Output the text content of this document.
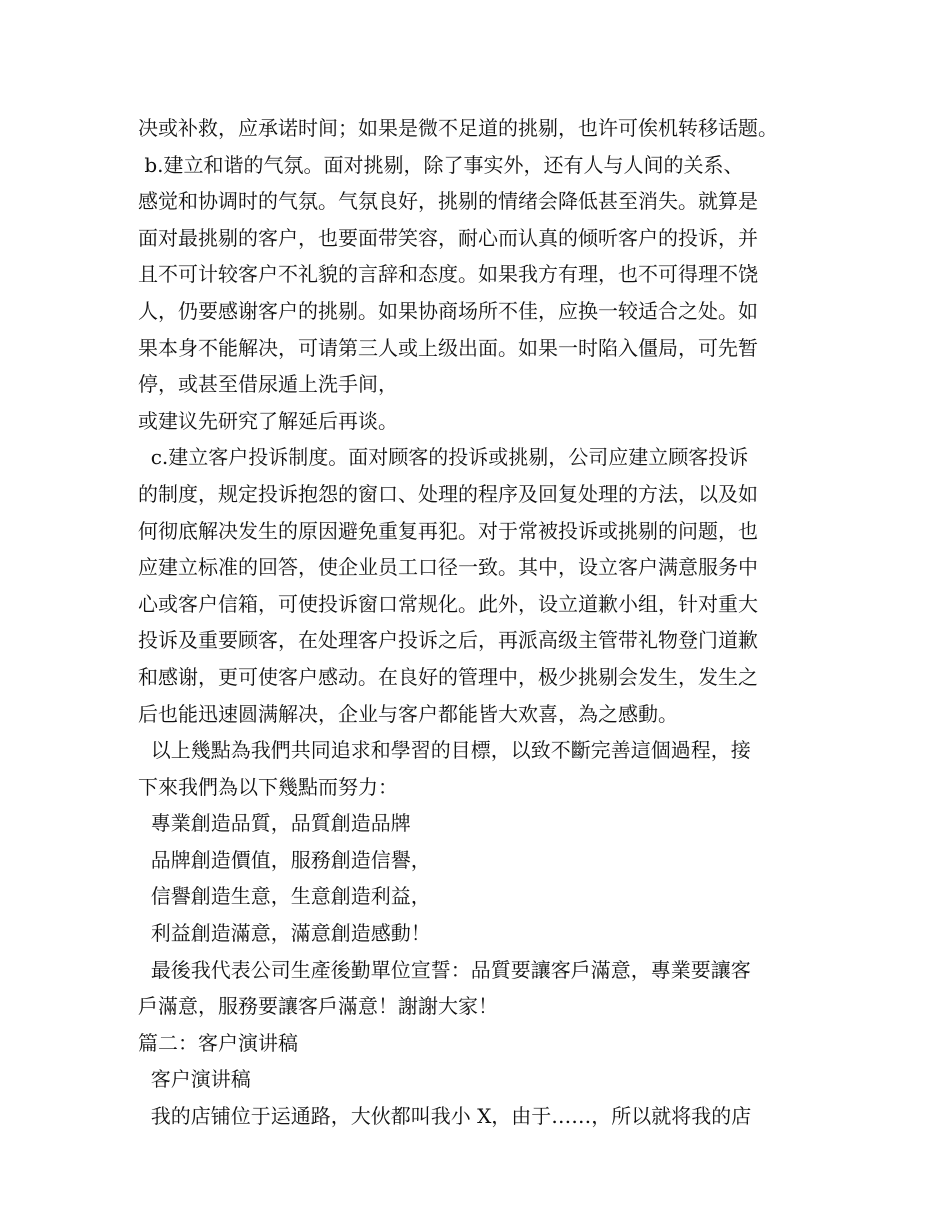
决或补救，应承诺时间；如果是微不足道的挑剔，也许可俟机转移话题。
b.建立和谐的气氛。面对挑剔，除了事实外，还有人与人间的关系、
感觉和协调时的气氛。气氛良好，挑剔的情绪会降低甚至消失。就算是
面对最挑剔的客户，也要面带笑容，耐心而认真的倾听客户的投诉，并
且不可计较客户不礼貌的言辞和态度。如果我方有理，也不可得理不饶
人，仍要感谢客户的挑剔。如果协商场所不佳，应换一较适合之处。如
果本身不能解决，可请第三人或上级出面。如果一时陷入僵局，可先暂
停，或甚至借尿遁上洗手间，
或建议先研究了解延后再谈。
c.建立客户投诉制度。面对顾客的投诉或挑剔，公司应建立顾客投诉
的制度，规定投诉抱怨的窗口、处理的程序及回复处理的方法，以及如
何彻底解决发生的原因避免重复再犯。对于常被投诉或挑剔的问题，也
应建立标准的回答，使企业员工口径一致。其中，设立客户满意服务中
心或客户信箱，可使投诉窗口常规化。此外，设立道歉小组，针对重大
投诉及重要顾客，在处理客户投诉之后，再派高级主管带礼物登门道歉
和感谢，更可使客户感动。在良好的管理中，极少挑剔会发生，发生之
后也能迅速圆满解决，企业与客户都能皆大欢喜，為之感動。
以上幾點為我們共同追求和學習的目標，以致不斷完善這個過程，接
下來我們為以下幾點而努力：
專業創造品質，品質創造品牌
品牌創造價值，服務創造信譽，
信譽創造生意，生意創造利益，
利益創造滿意，滿意創造感動！
最後我代表公司生產後勤單位宣誓：品質要讓客戶滿意，專業要讓客
戶滿意，服務要讓客戶滿意！謝謝大家！
篇二：客户演讲稿
客户演讲稿
我的店铺位于运通路，大伙都叫我小 X，由于……，所以就将我的店
